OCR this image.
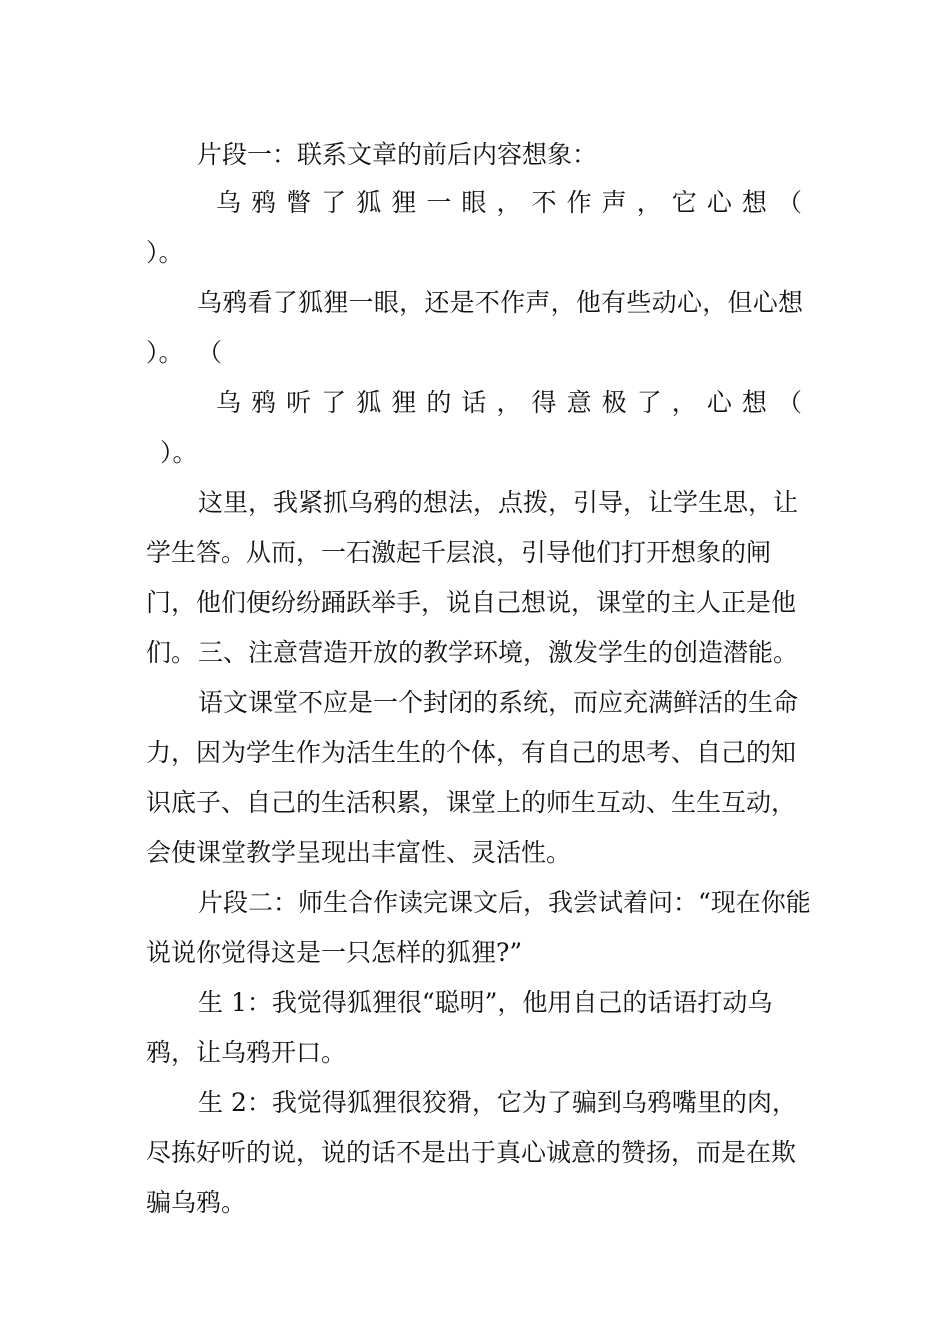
片段一：联系文章的前后内容想象：

乌 鸦 瞥 了 狐 狸 一 眼 ， 不 作 声 ， 它 心 想 （

）。

乌鸦看了狐狸一眼，还是不作声，他有些动心，但心想（

）。

乌 鸦 听 了 狐 狸 的 话 ， 得 意 极 了 ， 心 想 （

）。

这里，我紧抓乌鸦的想法，点拨，引导，让学生思，让学生答。从而，一石激起千层浪，引导他们打开想象的闸门，他们便纷纷踊跃举手，说自己想说，课堂的主人正是他们。 三、注意营造开放的教学环境，激发学生的创造潜能。

语文课堂不应是一个封闭的系统，而应充满鲜活的生命力，因为学生作为活生生的个体，有自己的思考、自己的知识底子、自己的生活积累，课堂上的师生互动、生生互动，会使课堂教学呈现出丰富性、灵活性。

片段二：师生合作读完课文后，我尝试着问：“现在你能说说你觉得这是一只怎样的狐狸?”

生 1：我觉得狐狸很“聪明”，他用自己的话语打动乌鸦，让乌鸦开口。

生 2：我觉得狐狸很狡猾，它为了骗到乌鸦嘴里的肉，尽拣好听的说，说的话不是出于真心诚意的赞扬，而是在欺骗乌鸦。
